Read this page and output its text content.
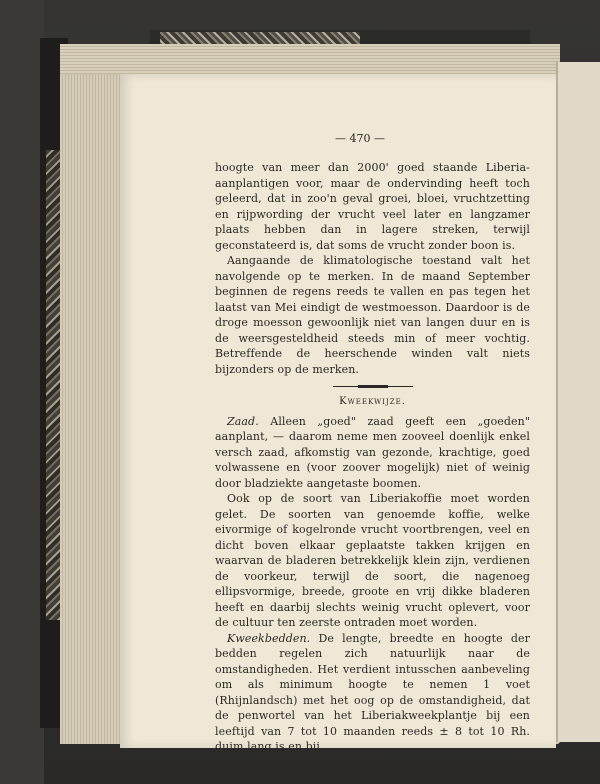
— 470 —

hoogte van meer dan 2000' goed staande Liberia-aanplantigen voor, maar de ondervinding heeft toch geleerd, dat in zoo'n geval groei, bloei, vruchtzetting en rijpwording der vrucht veel later en langzamer plaats hebben dan in lagere streken, terwijl geconstateerd is, dat soms de vrucht zonder boon is.

Aangaande de klimatologische toestand valt het navolgende op te merken. In de maand September beginnen de regens reeds te vallen en pas tegen het laatst van Mei eindigt de westmoesson. Daardoor is de droge moesson gewoonlijk niet van langen duur en is de weersgesteldheid steeds min of meer vochtig. Betreffende de heerschende winden valt niets bijzonders op de merken.

Kweekwijze.

Zaad. Alleen „goed" zaad geeft een „goeden" aanplant, — daarom neme men zooveel doenlijk enkel versch zaad, afkomstig van gezonde, krachtige, goed volwassene en (voor zoover mogelijk) niet of weinig door bladziekte aangetaste boomen.

Ook op de soort van Liberiakoffie moet worden gelet. De soorten van genoemde koffie, welke eivormige of kogelronde vrucht voortbrengen, veel en dicht boven elkaar geplaatste takken krijgen en waarvan de bladeren betrekkelijk klein zijn, verdienen de voorkeur, terwijl de soort, die nagenoeg ellipsvormige, breede, groote en vrij dikke bladeren heeft en daarbij slechts weinig vrucht oplevert, voor de cultuur ten zeerste ontraden moet worden.

Kweekbedden. De lengte, breedte en hoogte der bedden regelen zich natuurlijk naar de omstandigheden. Het verdient intusschen aanbeveling om als minimum hoogte te nemen 1 voet (Rhijnlandsch) met het oog op de omstandigheid, dat de penwortel van het Liberiakweekplantje bij een leeftijd van 7 tot 10 maanden reeds ± 8 tot 10 Rh. duim lang is en bij
